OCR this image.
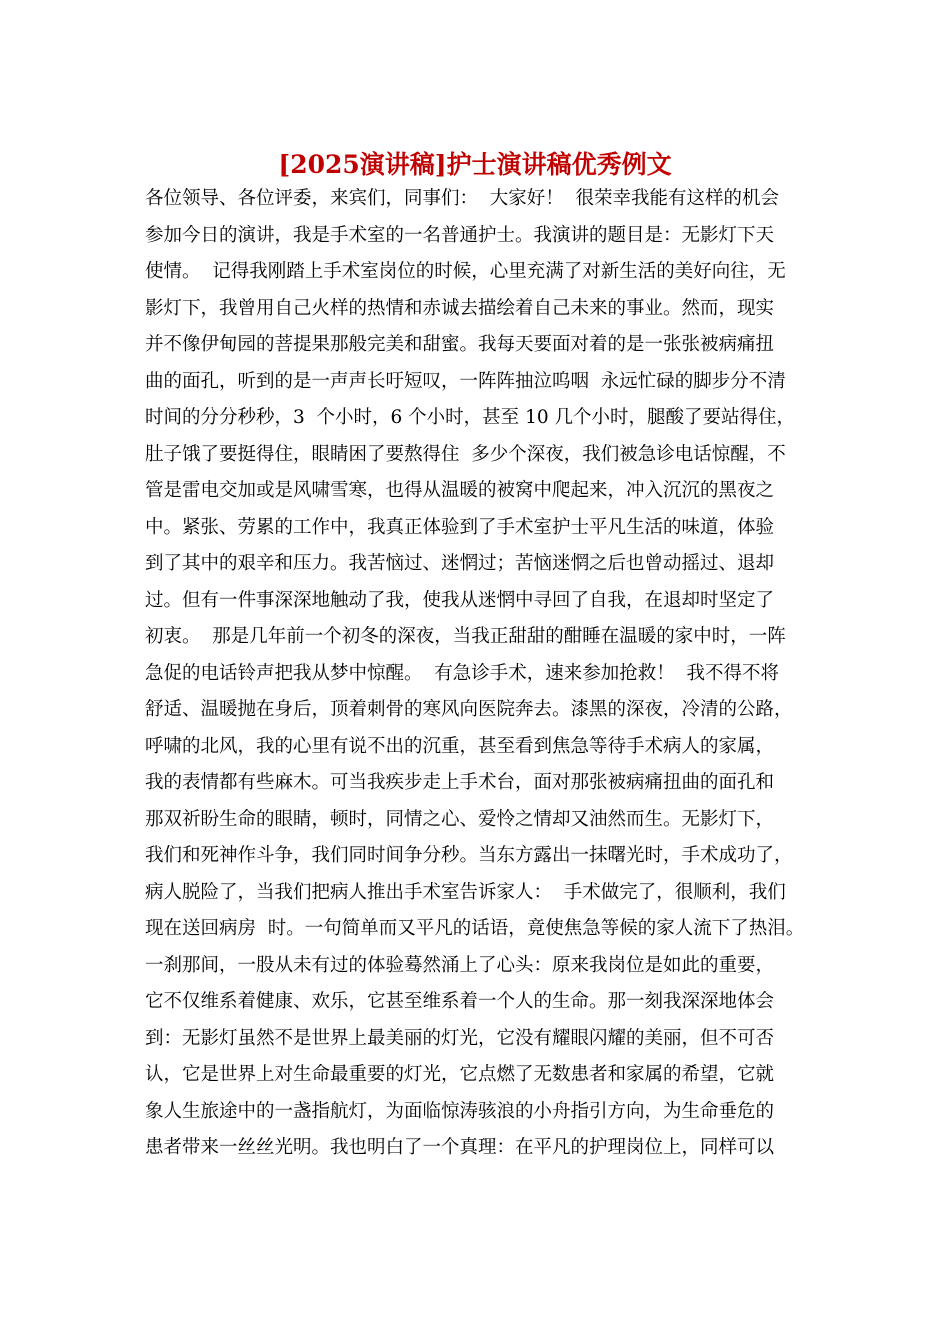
[2025演讲稿]护士演讲稿优秀例文
各位领导、各位评委，来宾们，同事们：  大家好！  很荣幸我能有这样的机会
参加今日的演讲，我是手术室的一名普通护士。我演讲的题目是：无影灯下天
使情。  记得我刚踏上手术室岗位的时候，心里充满了对新生活的美好向往，无
影灯下，我曾用自己火样的热情和赤诚去描绘着自己未来的事业。然而，现实
并不像伊甸园的菩提果那般完美和甜蜜。我每天要面对着的是一张张被病痛扭
曲的面孔，听到的是一声声长吁短叹，一阵阵抽泣呜咽  永远忙碌的脚步分不清
时间的分分秒秒，3  个小时，6 个小时，甚至 10 几个小时，腿酸了要站得住，
肚子饿了要挺得住，眼睛困了要熬得住  多少个深夜，我们被急诊电话惊醒，不
管是雷电交加或是风啸雪寒，也得从温暖的被窝中爬起来，冲入沉沉的黑夜之
中。紧张、劳累的工作中，我真正体验到了手术室护士平凡生活的味道，体验
到了其中的艰辛和压力。我苦恼过、迷惘过；苦恼迷惘之后也曾动摇过、退却
过。但有一件事深深地触动了我，使我从迷惘中寻回了自我，在退却时坚定了
初衷。  那是几年前一个初冬的深夜，当我正甜甜的酣睡在温暖的家中时，一阵
急促的电话铃声把我从梦中惊醒。  有急诊手术，速来参加抢救！  我不得不将
舒适、温暖抛在身后，顶着刺骨的寒风向医院奔去。漆黑的深夜，冷清的公路，
呼啸的北风，我的心里有说不出的沉重，甚至看到焦急等待手术病人的家属，
我的表情都有些麻木。可当我疾步走上手术台，面对那张被病痛扭曲的面孔和
那双祈盼生命的眼睛，顿时，同情之心、爱怜之情却又油然而生。无影灯下，
我们和死神作斗争，我们同时间争分秒。当东方露出一抹曙光时，手术成功了，
病人脱险了，当我们把病人推出手术室告诉家人：  手术做完了，很顺利，我们
现在送回病房  时。一句简单而又平凡的话语，竟使焦急等候的家人流下了热泪。
一刹那间，一股从未有过的体验蓦然涌上了心头：原来我岗位是如此的重要，
它不仅维系着健康、欢乐，它甚至维系着一个人的生命。那一刻我深深地体会
到：无影灯虽然不是世界上最美丽的灯光，它没有耀眼闪耀的美丽，但不可否
认，它是世界上对生命最重要的灯光，它点燃了无数患者和家属的希望，它就
象人生旅途中的一盏指航灯，为面临惊涛骇浪的小舟指引方向，为生命垂危的
患者带来一丝丝光明。我也明白了一个真理：在平凡的护理岗位上，同样可以
